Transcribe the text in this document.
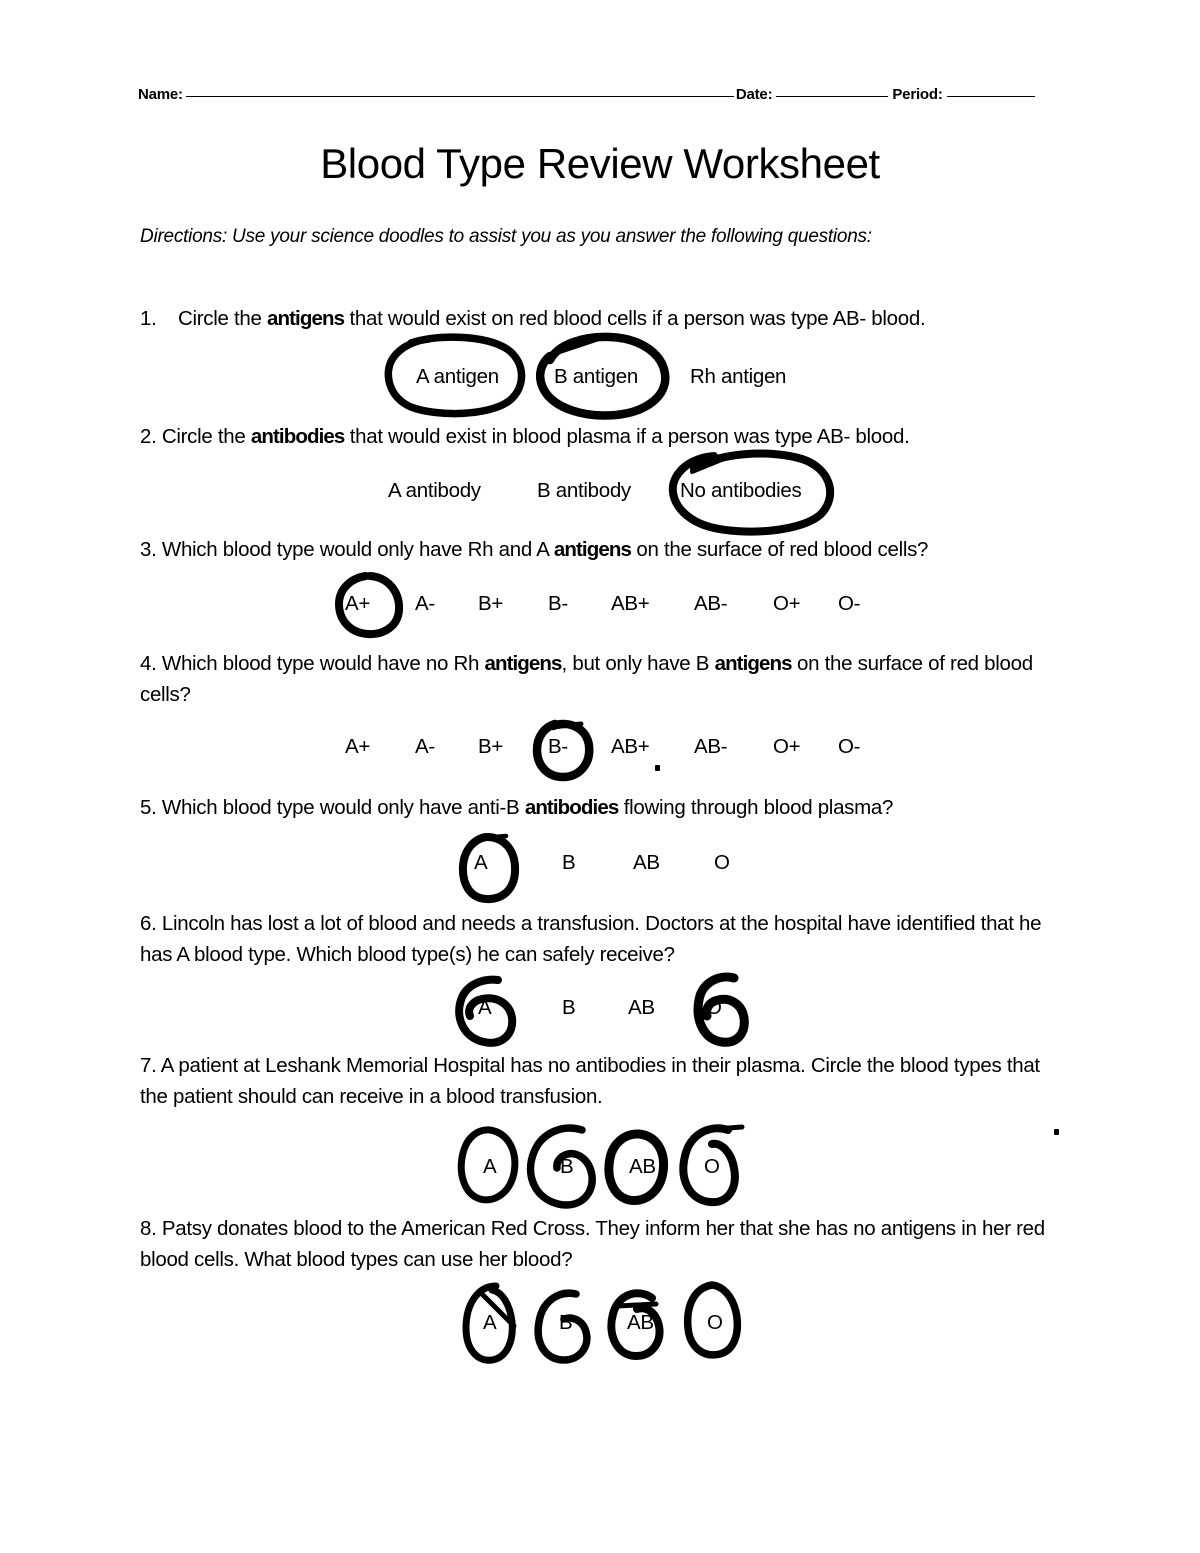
Name:	Date:	Period:
Blood Type Review Worksheet
Directions: Use your science doodles to assist you as you answer the following questions:
1. Circle the antigens that would exist on red blood cells if a person was type AB- blood.
A antigen	B antigen	Rh antigen
2. Circle the antibodies that would exist in blood plasma if a person was type AB- blood.
A antibody	B antibody No antibodies
3. Which blood type would only have Rh and A antigens on the surface of red blood cells?
A+ A- B+ B- AB+ AB- O+ O-
4. Which blood type would have no Rh antigens, but only have B antigens on the surface of red blood cells?
A+ A- B+ B- AB+ AB- O+ O-
5. Which blood type would only have anti-B antibodies flowing through blood plasma?
A	B	AB	O
6. Lincoln has lost a lot of blood and needs a transfusion. Doctors at the hospital have identified that he has A blood type. Which blood type(s) he can safely receive?
A	B	AB	O
7. A patient at Leshank Memorial Hospital has no antibodies in their plasma. Circle the blood types that the patient should can receive in a blood transfusion.
A	B	AB O
8. Patsy donates blood to the American Red Cross. They inform her that she has no antigens in her red blood cells. What blood types can use her blood?
A	B	AB	O
